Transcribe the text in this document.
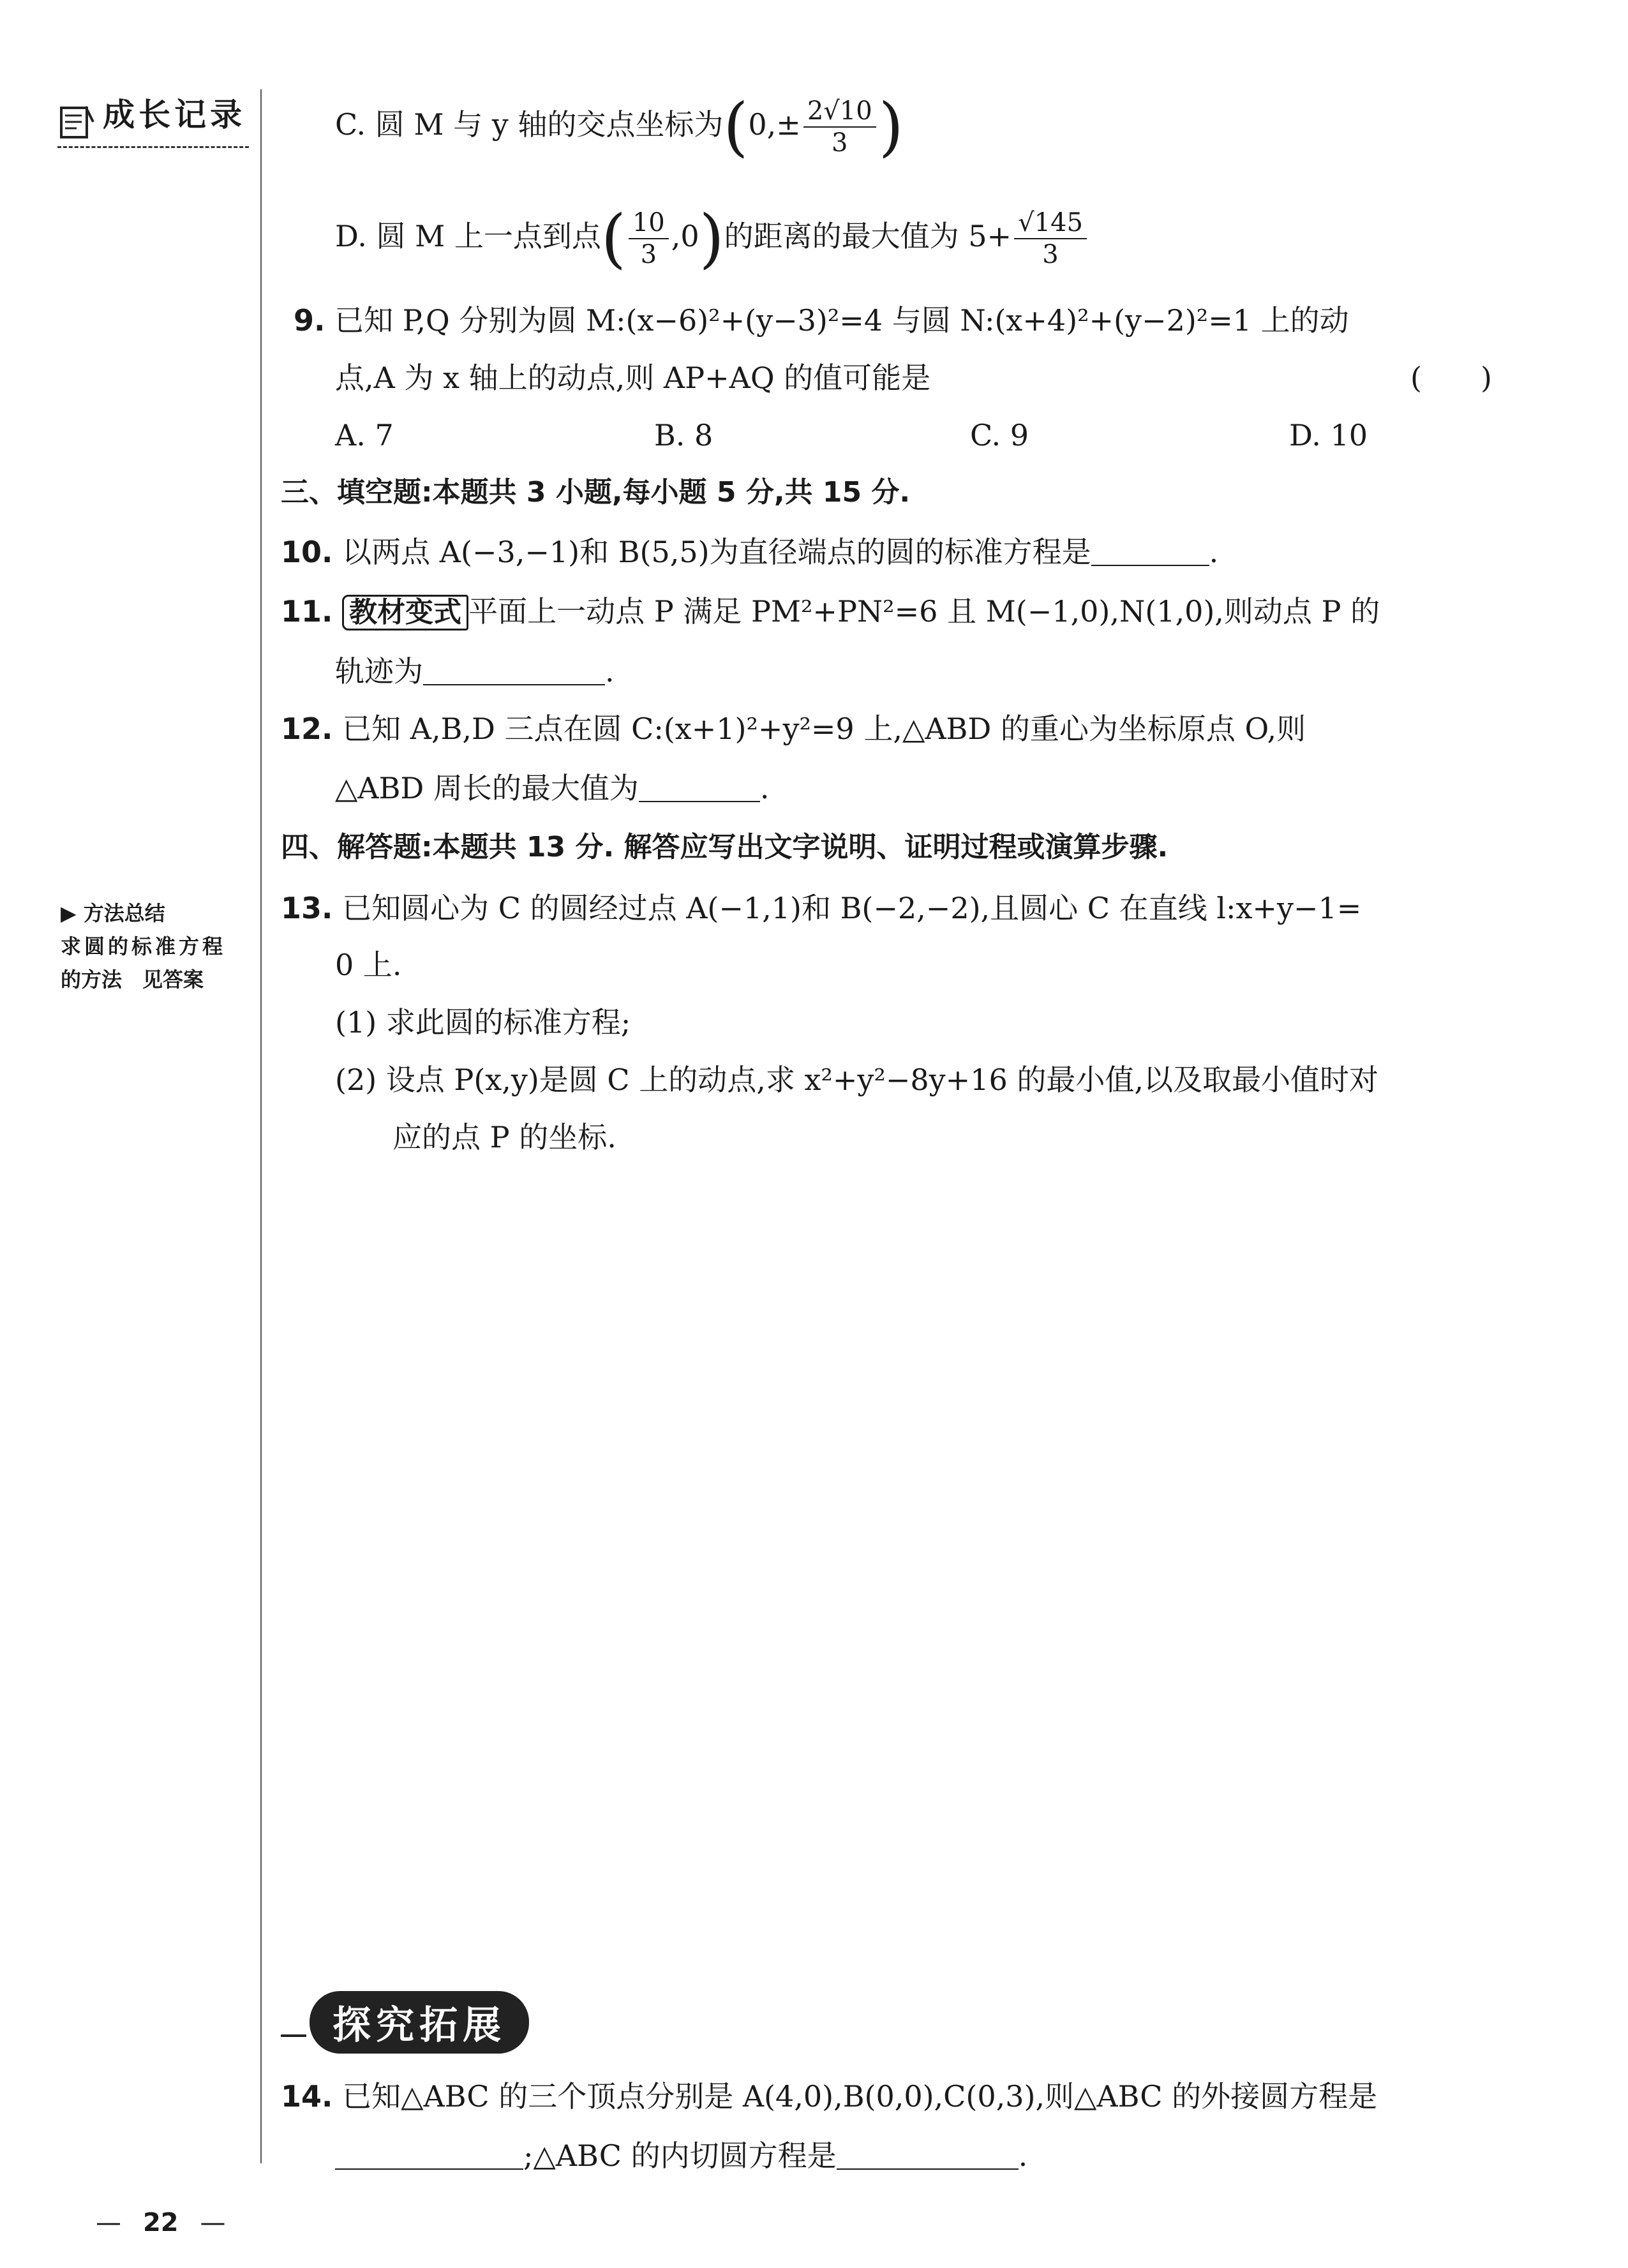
成长记录
▶ 方法总结
求圆的标准方程
的方法　见答案
C. 圆 M 与 y 轴的交点坐标为($0,\pm \frac{2√10}{3}$ )
D. 圆 M 上一点到点( $\frac{10}{3} ,0$)的距离的最大值为 $5+ \frac{√145}{3}$
9. 已知 P,Q 分别为圆 M:(x−6)²+(y−3)²=4 与圆 N:(x+4)²+(y−2)²=1 上的动
点,A 为 x 轴上的动点,则 AP+AQ 的值可能是	(　　)
A. 7	B. 8	C. 9	D. 10
三、填空题:本题共 3 小题,每小题 5 分,共 15 分.
10. 以两点 A(−3,−1)和 B(5,5)为直径端点的圆的标准方程是	.
11. 教材变式 平面上一动点 P 满足 PM²+PN²=6 且 M(−1,0),N(1,0),则动点 P 的
轨迹为	.
12. 已知 A,B,D 三点在圆 C:(x+1)²+y²=9 上,△ABD 的重心为坐标原点 O,则
△ABD 周长的最大值为	.
四、解答题:本题共 13 分. 解答应写出文字说明、证明过程或演算步骤.
13. 已知圆心为 C 的圆经过点 A(−1,1)和 B(−2,−2),且圆心 C 在直线 l:x+y−1=
0 上.
(1) 求此圆的标准方程;
(2) 设点 P(x,y)是圆 C 上的动点,求 x²+y²−8y+16 的最小值,以及取最小值时对
应的点 P 的坐标.
探究拓展
14. 已知△ABC 的三个顶点分别是 A(4,0),B(0,0),C(0,3),则△ABC 的外接圆方程是
;△ABC 的内切圆方程是	.
— 22 —
